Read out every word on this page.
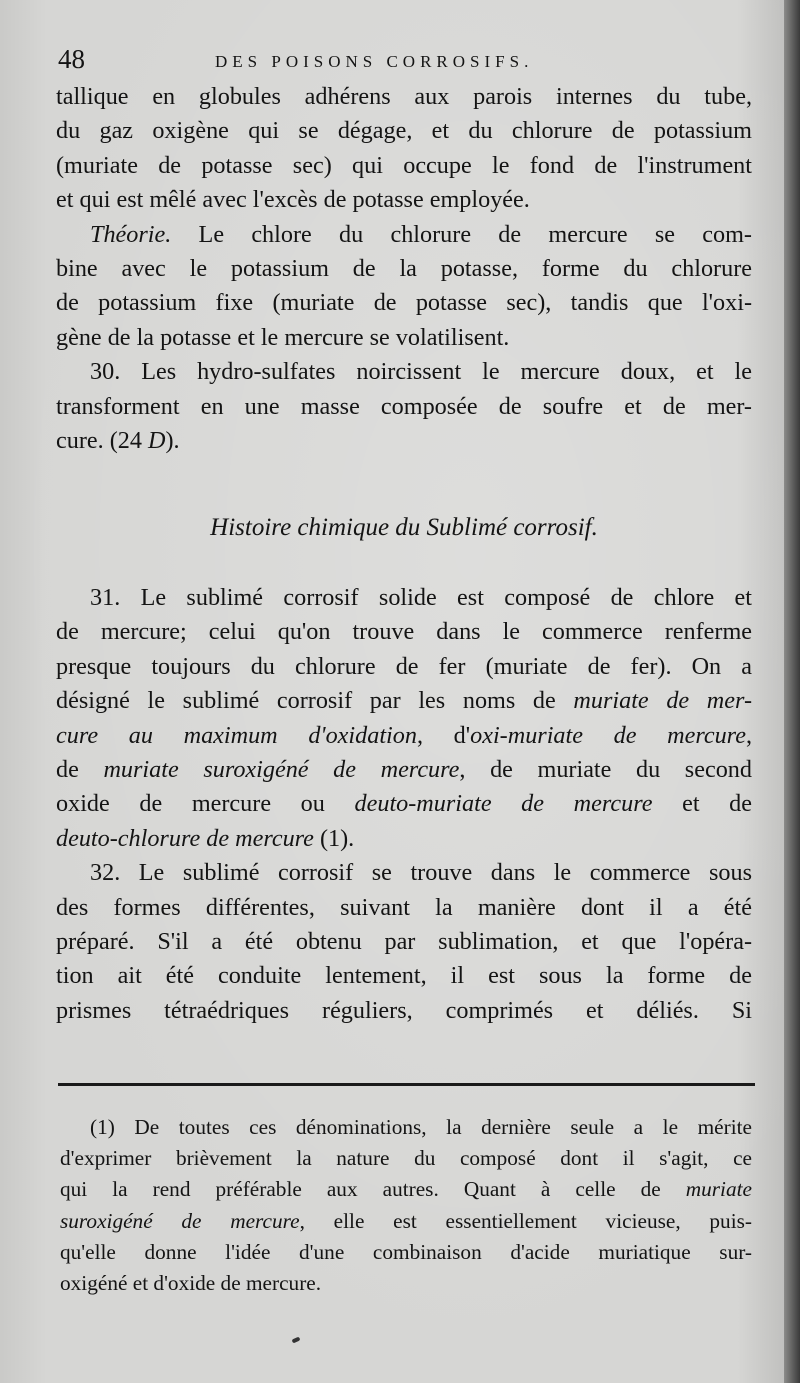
48	DES POISONS CORROSIFS.
tallique en globules adhérens aux parois internes du tube,
du gaz oxigène qui se dégage, et du chlorure de potassium
(muriate de potasse sec) qui occupe le fond de l'instrument
et qui est mêlé avec l'excès de potasse employée.
Théorie. Le chlore du chlorure de mercure se com-
bine avec le potassium de la potasse, forme du chlorure
de potassium fixe (muriate de potasse sec), tandis que l'oxi-
gène de la potasse et le mercure se volatilisent.
30. Les hydro-sulfates noircissent le mercure doux, et le
transforment en une masse composée de soufre et de mer-
cure. (24 D).
Histoire chimique du Sublimé corrosif.
31. Le sublimé corrosif solide est composé de chlore et
de mercure; celui qu'on trouve dans le commerce renferme
presque toujours du chlorure de fer (muriate de fer). On a
désigné le sublimé corrosif par les noms de muriate de mer-
cure au maximum d'oxidation, d'oxi-muriate de mercure,
de muriate suroxigéné de mercure, de muriate du second
oxide de mercure ou deuto-muriate de mercure et de
deuto-chlorure de mercure (1).
32. Le sublimé corrosif se trouve dans le commerce sous
des formes différentes, suivant la manière dont il a été
préparé. S'il a été obtenu par sublimation, et que l'opéra-
tion ait été conduite lentement, il est sous la forme de
prismes tétraédriques réguliers, comprimés et déliés. Si
(1) De toutes ces dénominations, la dernière seule a le mérite
d'exprimer brièvement la nature du composé dont il s'agit, ce
qui la rend préférable aux autres. Quant à celle de muriate
suroxigéné de mercure, elle est essentiellement vicieuse, puis-
qu'elle donne l'idée d'une combinaison d'acide muriatique sur-
oxigéné et d'oxide de mercure.
